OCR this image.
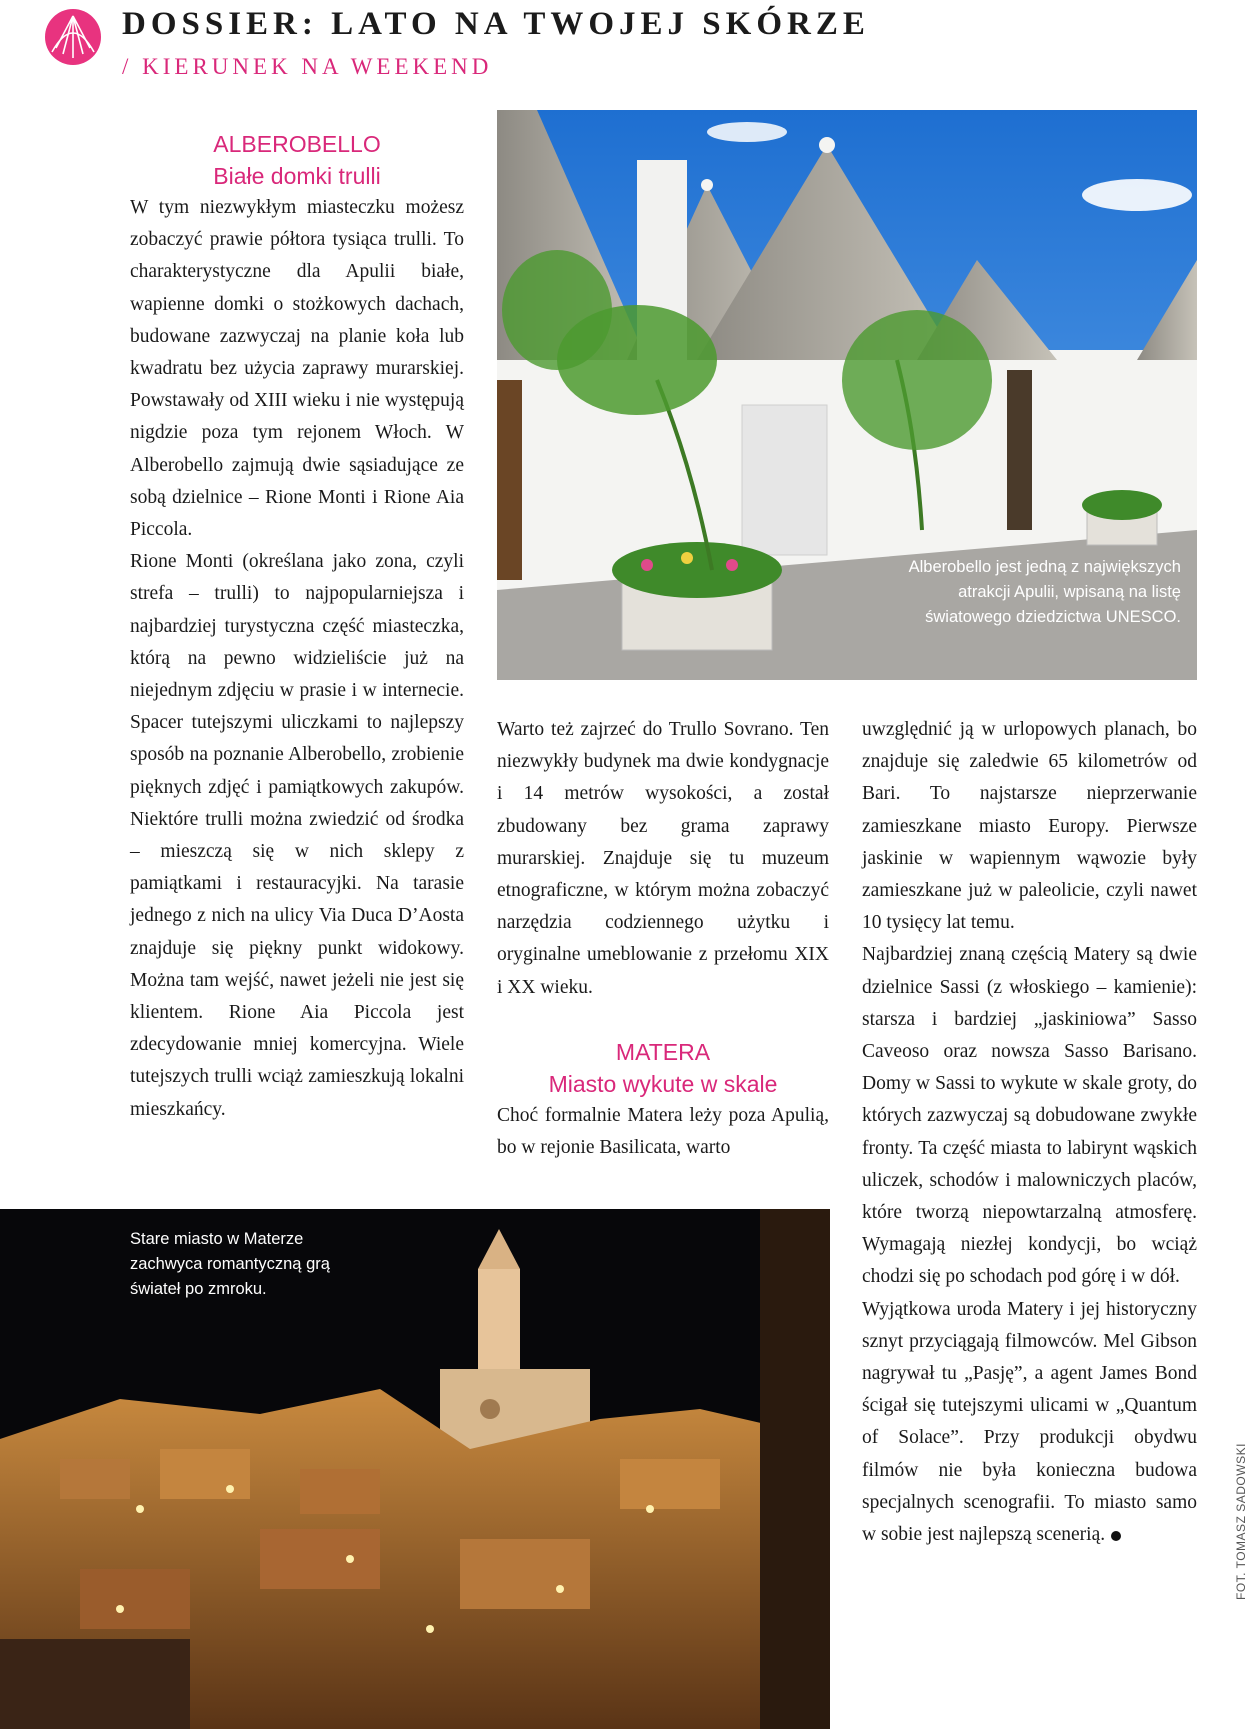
DOSSIER: LATO NA TWOJEJ SKÓRZE
/ KIERUNEK NA WEEKEND
ALBEROBELLO
Białe domki trulli

W tym niezwykłym miasteczku możesz zobaczyć prawie półtora tysiąca trulli. To charakterystyczne dla Apulii białe, wapienne domki o stożkowych dachach, budowane zazwyczaj na planie koła lub kwadratu bez użycia zaprawy murarskiej. Powstawały od XIII wieku i nie występują nigdzie poza tym rejonem Włoch. W Alberobello zajmują dwie sąsiadujące ze sobą dzielnice – Rione Monti i Rione Aia Piccola.

Rione Monti (określana jako zona, czyli strefa – trulli) to najpopularniejsza i najbardziej turystyczna część miasteczka, którą na pewno widzieliście już na niejednym zdjęciu w prasie i w internecie. Spacer tutejszymi uliczkami to najlepszy sposób na poznanie Alberobello, zrobienie pięknych zdjęć i pamiątkowych zakupów. Niektóre trulli można zwiedzić od środka – mieszczą się w nich sklepy z pamiątkami i restauracyjki. Na tarasie jednego z nich na ulicy Via Duca D’Aosta znajduje się piękny punkt widokowy. Można tam wejść, nawet jeżeli nie jest się klientem. Rione Aia Piccola jest zdecydowanie mniej komercyjna. Wiele tutejszych trulli wciąż zamieszkują lokalni mieszkańcy.

Alberobello jest jedną z największych atrakcji Apulii, wpisaną na listę światowego dziedzictwa UNESCO.

Warto też zajrzeć do Trullo Sovrano. Ten niezwykły budynek ma dwie kondygnacje i 14 metrów wysokości, a został zbudowany bez grama zaprawy murarskiej. Znajduje się tu muzeum etnograficzne, w którym można zobaczyć narzędzia codziennego użytku i oryginalne umeblowanie z przełomu XIX i XX wieku.

MATERA
Miasto wykute w skale

Choć formalnie Matera leży poza Apulią, bo w rejonie Basilicata, warto

uwzględnić ją w urlopowych planach, bo znajduje się zaledwie 65 kilometrów od Bari. To najstarsze nieprzerwanie zamieszkane miasto Europy. Pierwsze jaskinie w wapiennym wąwozie były zamieszkane już w paleolicie, czyli nawet 10 tysięcy lat temu.

Najbardziej znaną częścią Matery są dwie dzielnice Sassi (z włoskiego – kamienie): starsza i bardziej „jaskiniowa” Sasso Caveoso oraz nowsza Sasso Barisano. Domy w Sassi to wykute w skale groty, do których zazwyczaj są dobudowane zwykłe fronty. Ta część miasta to labirynt wąskich uliczek, schodów i malowniczych placów, które tworzą niepowtarzalną atmosferę. Wymagają niezłej kondycji, bo wciąż chodzi się po schodach pod górę i w dół.

Wyjątkowa uroda Matery i jej historyczny sznyt przyciągają filmowców. Mel Gibson nagrywał tu „Pasję”, a agent James Bond ścigał się tutejszymi ulicami w „Quantum of Solace”. Przy produkcji obydwu filmów nie była konieczna budowa specjalnych scenografii. To miasto samo w sobie jest najlepszą scenerią.

Stare miasto w Materze zachwyca romantyczną grą świateł po zmroku.
FOT. TOMASZ SADOWSKI
